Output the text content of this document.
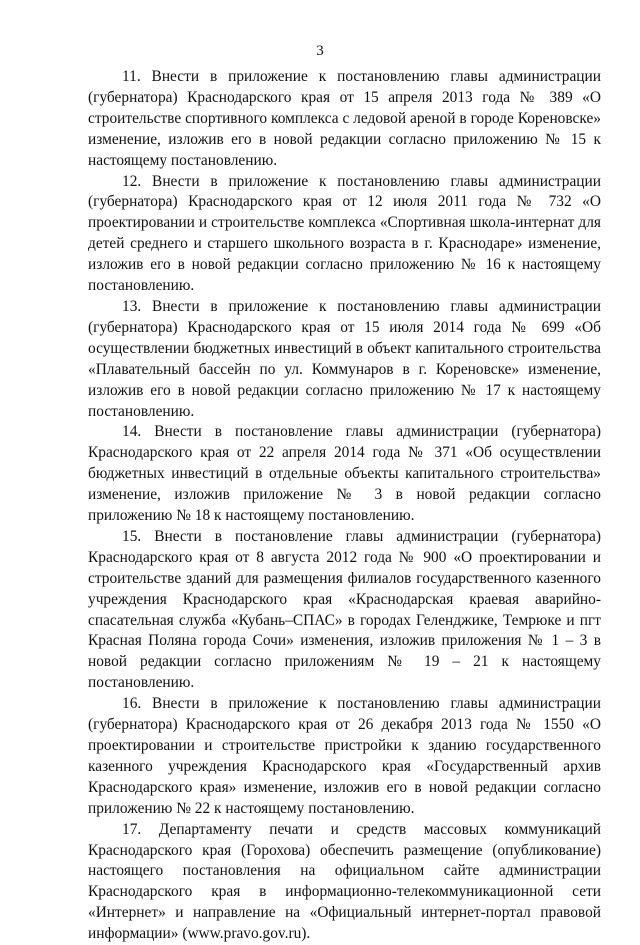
3

11. Внести в приложение к постановлению главы администрации (губернатора) Краснодарского края от 15 апреля 2013 года № 389 «О строительстве спортивного комплекса с ледовой ареной в городе Кореновске» изменение, изложив его в новой редакции согласно приложению № 15 к настоящему постановлению.

12. Внести в приложение к постановлению главы администрации (губернатора) Краснодарского края от 12 июля 2011 года № 732 «О проектировании и строительстве комплекса «Спортивная школа-интернат для детей среднего и старшего школьного возраста в г. Краснодаре» изменение, изложив его в новой редакции согласно приложению № 16 к настоящему постановлению.

13. Внести в приложение к постановлению главы администрации (губернатора) Краснодарского края от 15 июля 2014 года № 699 «Об осуществлении бюджетных инвестиций в объект капитального строительства «Плавательный бассейн по ул. Коммунаров в г. Кореновске» изменение, изложив его в новой редакции согласно приложению № 17 к настоящему постановлению.

14. Внести в постановление главы администрации (губернатора) Краснодарского края от 22 апреля 2014 года № 371 «Об осуществлении бюджетных инвестиций в отдельные объекты капитального строительства» изменение, изложив приложение № 3 в новой редакции согласно приложению № 18 к настоящему постановлению.

15. Внести в постановление главы администрации (губернатора) Краснодарского края от 8 августа 2012 года № 900 «О проектировании и строительстве зданий для размещения филиалов государственного казенного учреждения Краснодарского края «Краснодарская краевая аварийно-спасательная служба «Кубань–СПАС» в городах Геленджике, Темрюке и пгт Красная Поляна города Сочи» изменения, изложив приложения № 1 – 3 в новой редакции согласно приложениям № 19 – 21 к настоящему постановлению.

16. Внести в приложение к постановлению главы администрации (губернатора) Краснодарского края от 26 декабря 2013 года № 1550 «О проектировании и строительстве пристройки к зданию государственного казенного учреждения Краснодарского края «Государственный архив Краснодарского края» изменение, изложив его в новой редакции согласно приложению № 22 к настоящему постановлению.

17. Департаменту печати и средств массовых коммуникаций Краснодарского края (Горохова) обеспечить размещение (опубликование) настоящего постановления на официальном сайте администрации Краснодарского края в информационно-телекоммуникационной сети «Интернет» и направление на «Официальный интернет-портал правовой информации» (www.pravo.gov.ru).
